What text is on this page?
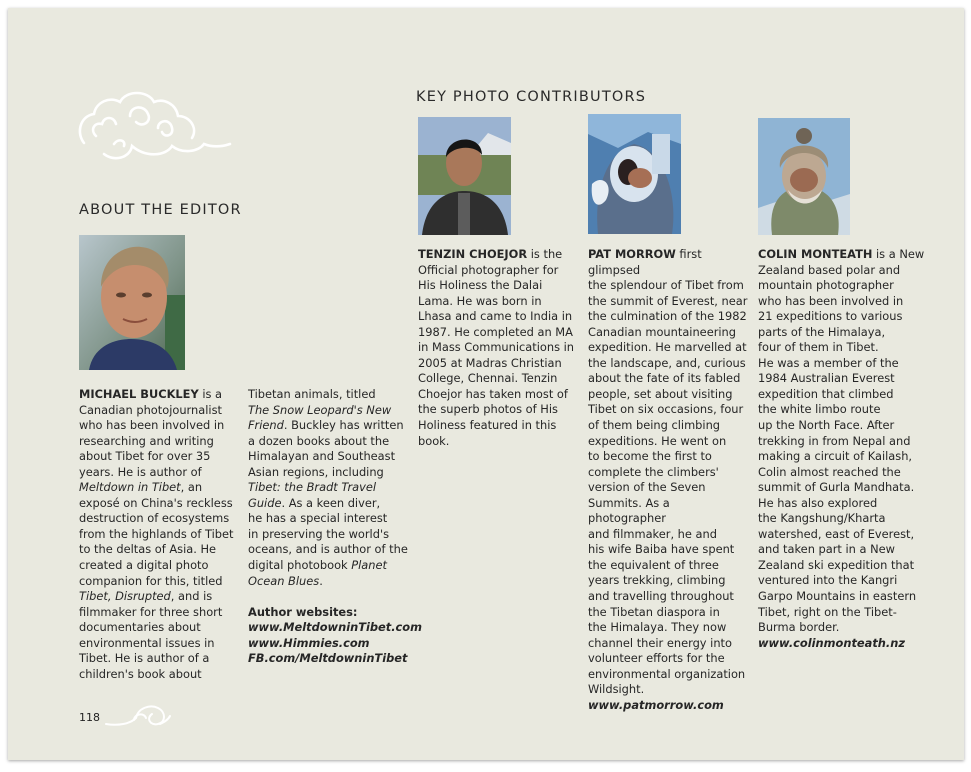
ABOUT THE EDITOR

MICHAEL BUCKLEY is a

Canadian photojournalist

who has been involved in

researching and writing

about Tibet for over 35

years. He is author of

Meltdown in Tibet, an

exposé on China's reckless

destruction of ecosystems

from the highlands of Tibet

to the deltas of Asia. He

created a digital photo

companion for this, titled

Tibet, Disrupted, and is

filmmaker for three short

documentaries about

environmental issues in

Tibet. He is author of a

children's book about

Tibetan animals, titled

The Snow Leopard's New

Friend. Buckley has written

a dozen books about the

Himalayan and Southeast

Asian regions, including

Tibet: the Bradt Travel

Guide. As a keen diver,

he has a special interest

in preserving the world's

oceans, and is author of the

digital photobook Planet

Ocean Blues.

Author websites:

www.MeltdowninTibet.com
www.Himmies.com
FB.com/MeltdowninTibet
KEY PHOTO CONTRIBUTORS

TENZIN CHOEJOR is the

Official photographer for

His Holiness the Dalai

Lama. He was born in

Lhasa and came to India in

1987. He completed an MA

in Mass Communications in

2005 at Madras Christian

College, Chennai. Tenzin

Choejor has taken most of

the superb photos of His

Holiness featured in this

book.

PAT MORROW first glimpsed

the splendour of Tibet from

the summit of Everest, near

the culmination of the 1982

Canadian mountaineering

expedition. He marvelled at

the landscape, and, curious

about the fate of its fabled

people, set about visiting

Tibet on six occasions, four

of them being climbing

expeditions. He went on

to become the first to

complete the climbers'

version of the Seven

Summits. As a photographer

and filmmaker, he and

his wife Baiba have spent

the equivalent of three

years trekking, climbing

and travelling throughout

the Tibetan diaspora in

the Himalaya. They now

channel their energy into

volunteer efforts for the

environmental organization

Wildsight.

www.patmorrow.com

COLIN MONTEATH is a New

Zealand based polar and

mountain photographer

who has been involved in

21 expeditions to various

parts of the Himalaya,

four of them in Tibet.

He was a member of the

1984 Australian Everest

expedition that climbed

the white limbo route

up the North Face. After

trekking in from Nepal and

making a circuit of Kailash,

Colin almost reached the

summit of Gurla Mandhata.

He has also explored

the Kangshung/Kharta

watershed, east of Everest,

and taken part in a New

Zealand ski expedition that

ventured into the Kangri

Garpo Mountains in eastern

Tibet, right on the Tibet-

Burma border.

www.colinmonteath.nz
118
